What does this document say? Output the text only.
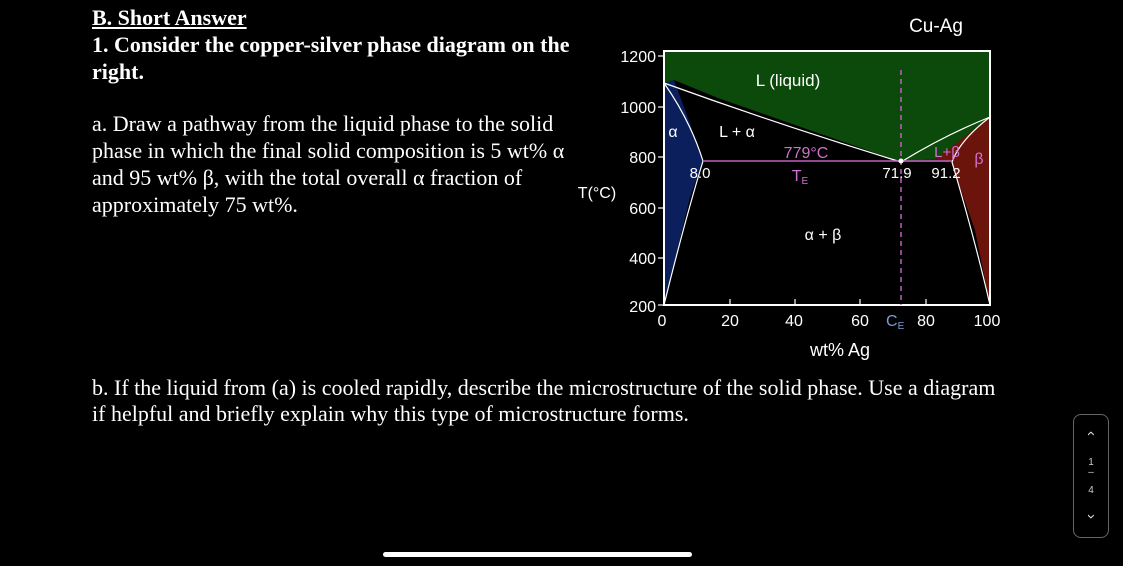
B. Short Answer
1. Consider the copper-silver phase diagram on the right.
a. Draw a pathway from the liquid phase to the solid phase in which the final solid composition is 5 wt% α and 95 wt% β, with the total overall α fraction of approximately 75 wt%.
200
400
600
800
1000
1200
0	20	40	60	80 100
CE
Cu-Ag
T(°C)
wt% Ag
L (liquid)
α	L + α
779°C
TE
α + β
L+β β
8.0	71.9 91.2
b. If the liquid from (a) is cooled rapidly, describe the microstructure of the solid phase. Use a diagram if helpful and briefly explain why this type of microstructure forms.
‹
1
–
4
›
